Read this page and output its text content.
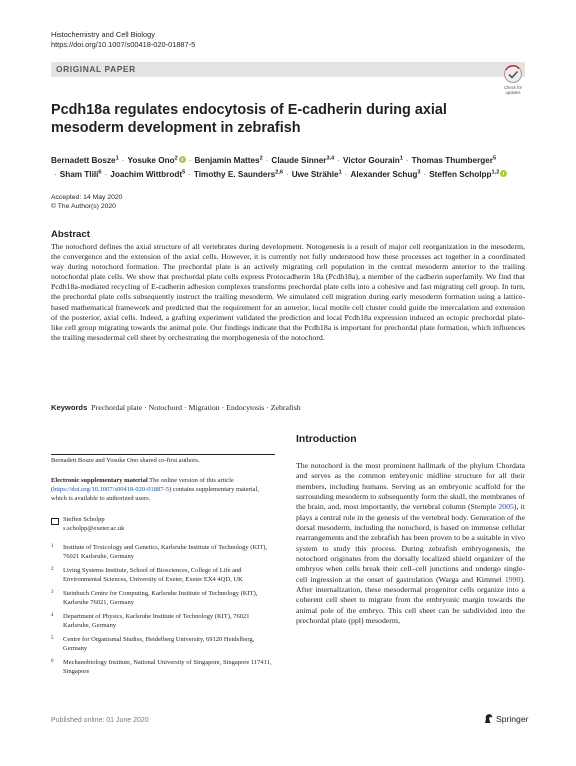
Histochemistry and Cell Biology
https://doi.org/10.1007/s00418-020-01887-5
ORIGINAL PAPER
Check for updates
Pcdh18a regulates endocytosis of E-cadherin during axial mesoderm development in zebrafish
Bernadett Bosze$^1$ · Yosuke Ono$^2$ · Benjamin Mattes$^2$ · Claude Sinner$^{3,4}$ · Victor Gourain$^1$ · Thomas Thumberger$^5$
· Sham Tlili$^6$ · Joachim Wittbrodt$^5$ · Timothy E. Saunders$^{2,6}$ · Uwe Strähle$^1$ · Alexander Schug$^3$ · Steffen Scholpp$^{1,2}$
Accepted: 14 May 2020
© The Author(s) 2020
Abstract
The notochord defines the axial structure of all vertebrates during development. Notogenesis is a result of major cell reorganization in the mesoderm, the convergence and the extension of the axial cells. However, it is currently not fully understood how these processes act together in a coordinated way during notochord formation. The prechordal plate is an actively migrating cell population in the central mesoderm anterior to the trailing notochordal plate cells. We show that prechordal plate cells express Protocadherin 18a (Pcdh18a), a member of the cadherin superfamily. We find that Pcdh18a-mediated recycling of E-cadherin adhesion complexes transforms prechordal plate cells into a cohesive and fast migrating cell group. In turn, the prechordal plate cells subsequently instruct the trailing mesoderm. We simulated cell migration during early mesoderm formation using a lattice-based mathematical framework and predicted that the requirement for an anterior, local motile cell cluster could guide the intercalation and extension of the posterior, axial cells. Indeed, a grafting experiment validated the prediction and local Pcdh18a expression induced an ectopic prechordal plate-like cell group migrating towards the animal pole. Our findings indicate that the Pcdh18a is important for prechordal plate formation, which influences the trailing mesodermal cell sheet by orchestrating the morphogenesis of the notochord.
Keywords Prechordal plate · Notochord · Migration · Endocytosis · Zebrafish
Introduction
The notochord is the most prominent hallmark of the phylum Chordata and serves as the common embryonic midline structure for all their members, including humans. Serving as an embryonic scaffold for the surrounding mesoderm to subsequently form the skull, the membranes of the brain, and, most importantly, the vertebral column (Stemple 2005), it plays a central role in the genesis of the vertebral body. Generation of the dorsal mesoderm, including the notochord, is based on immense cellular rearrangements and the zebrafish has been proven to be a suitable in vivo system to study this process. During zebrafish embryogenesis, the notochord originates from the dorsally localized shield organizer of the embryos when cells break their cell–cell junctions and undergo single-cell ingression at the onset of gastrulation (Warga and Kimmel 1990). After internalization, these mesodermal progenitor cells organize into a coherent cell sheet to migrate from the embryonic margin towards the animal pole of the embryo. This cell sheet can be subdivided into the prechordal plate (ppl) mesoderm,
Bernadett Bosze and Yosuke Ono shared co-first authors.
Electronic supplementary material The online version of this article (https://doi.org/10.1007/s00418-020-01887-5) contains supplementary material, which is available to authorized users.
Steffen Scholpp
s.scholpp@exeter.ac.uk
1 Institute of Toxicology and Genetics, Karlsruhe Institute of Technology (KIT), 76021 Karlsruhe, Germany
2 Living Systems Institute, School of Biosciences, College of Life and Environmental Sciences, University of Exeter, Exeter EX4 4QD, UK
3 Steinbuch Centre for Computing, Karlsruhe Institute of Technology (KIT), Karlsruhe 76021, Germany
4 Department of Physics, Karlsruhe Institute of Technology (KIT), 76021 Karlsruhe, Germany
5 Centre for Organismal Studies, Heidelberg University, 69120 Heidelberg, Germany
6 Mechanobiology Institute, National University of Singapore, Singapore 117411, Singapore
Published online: 01 June 2020	Springer
